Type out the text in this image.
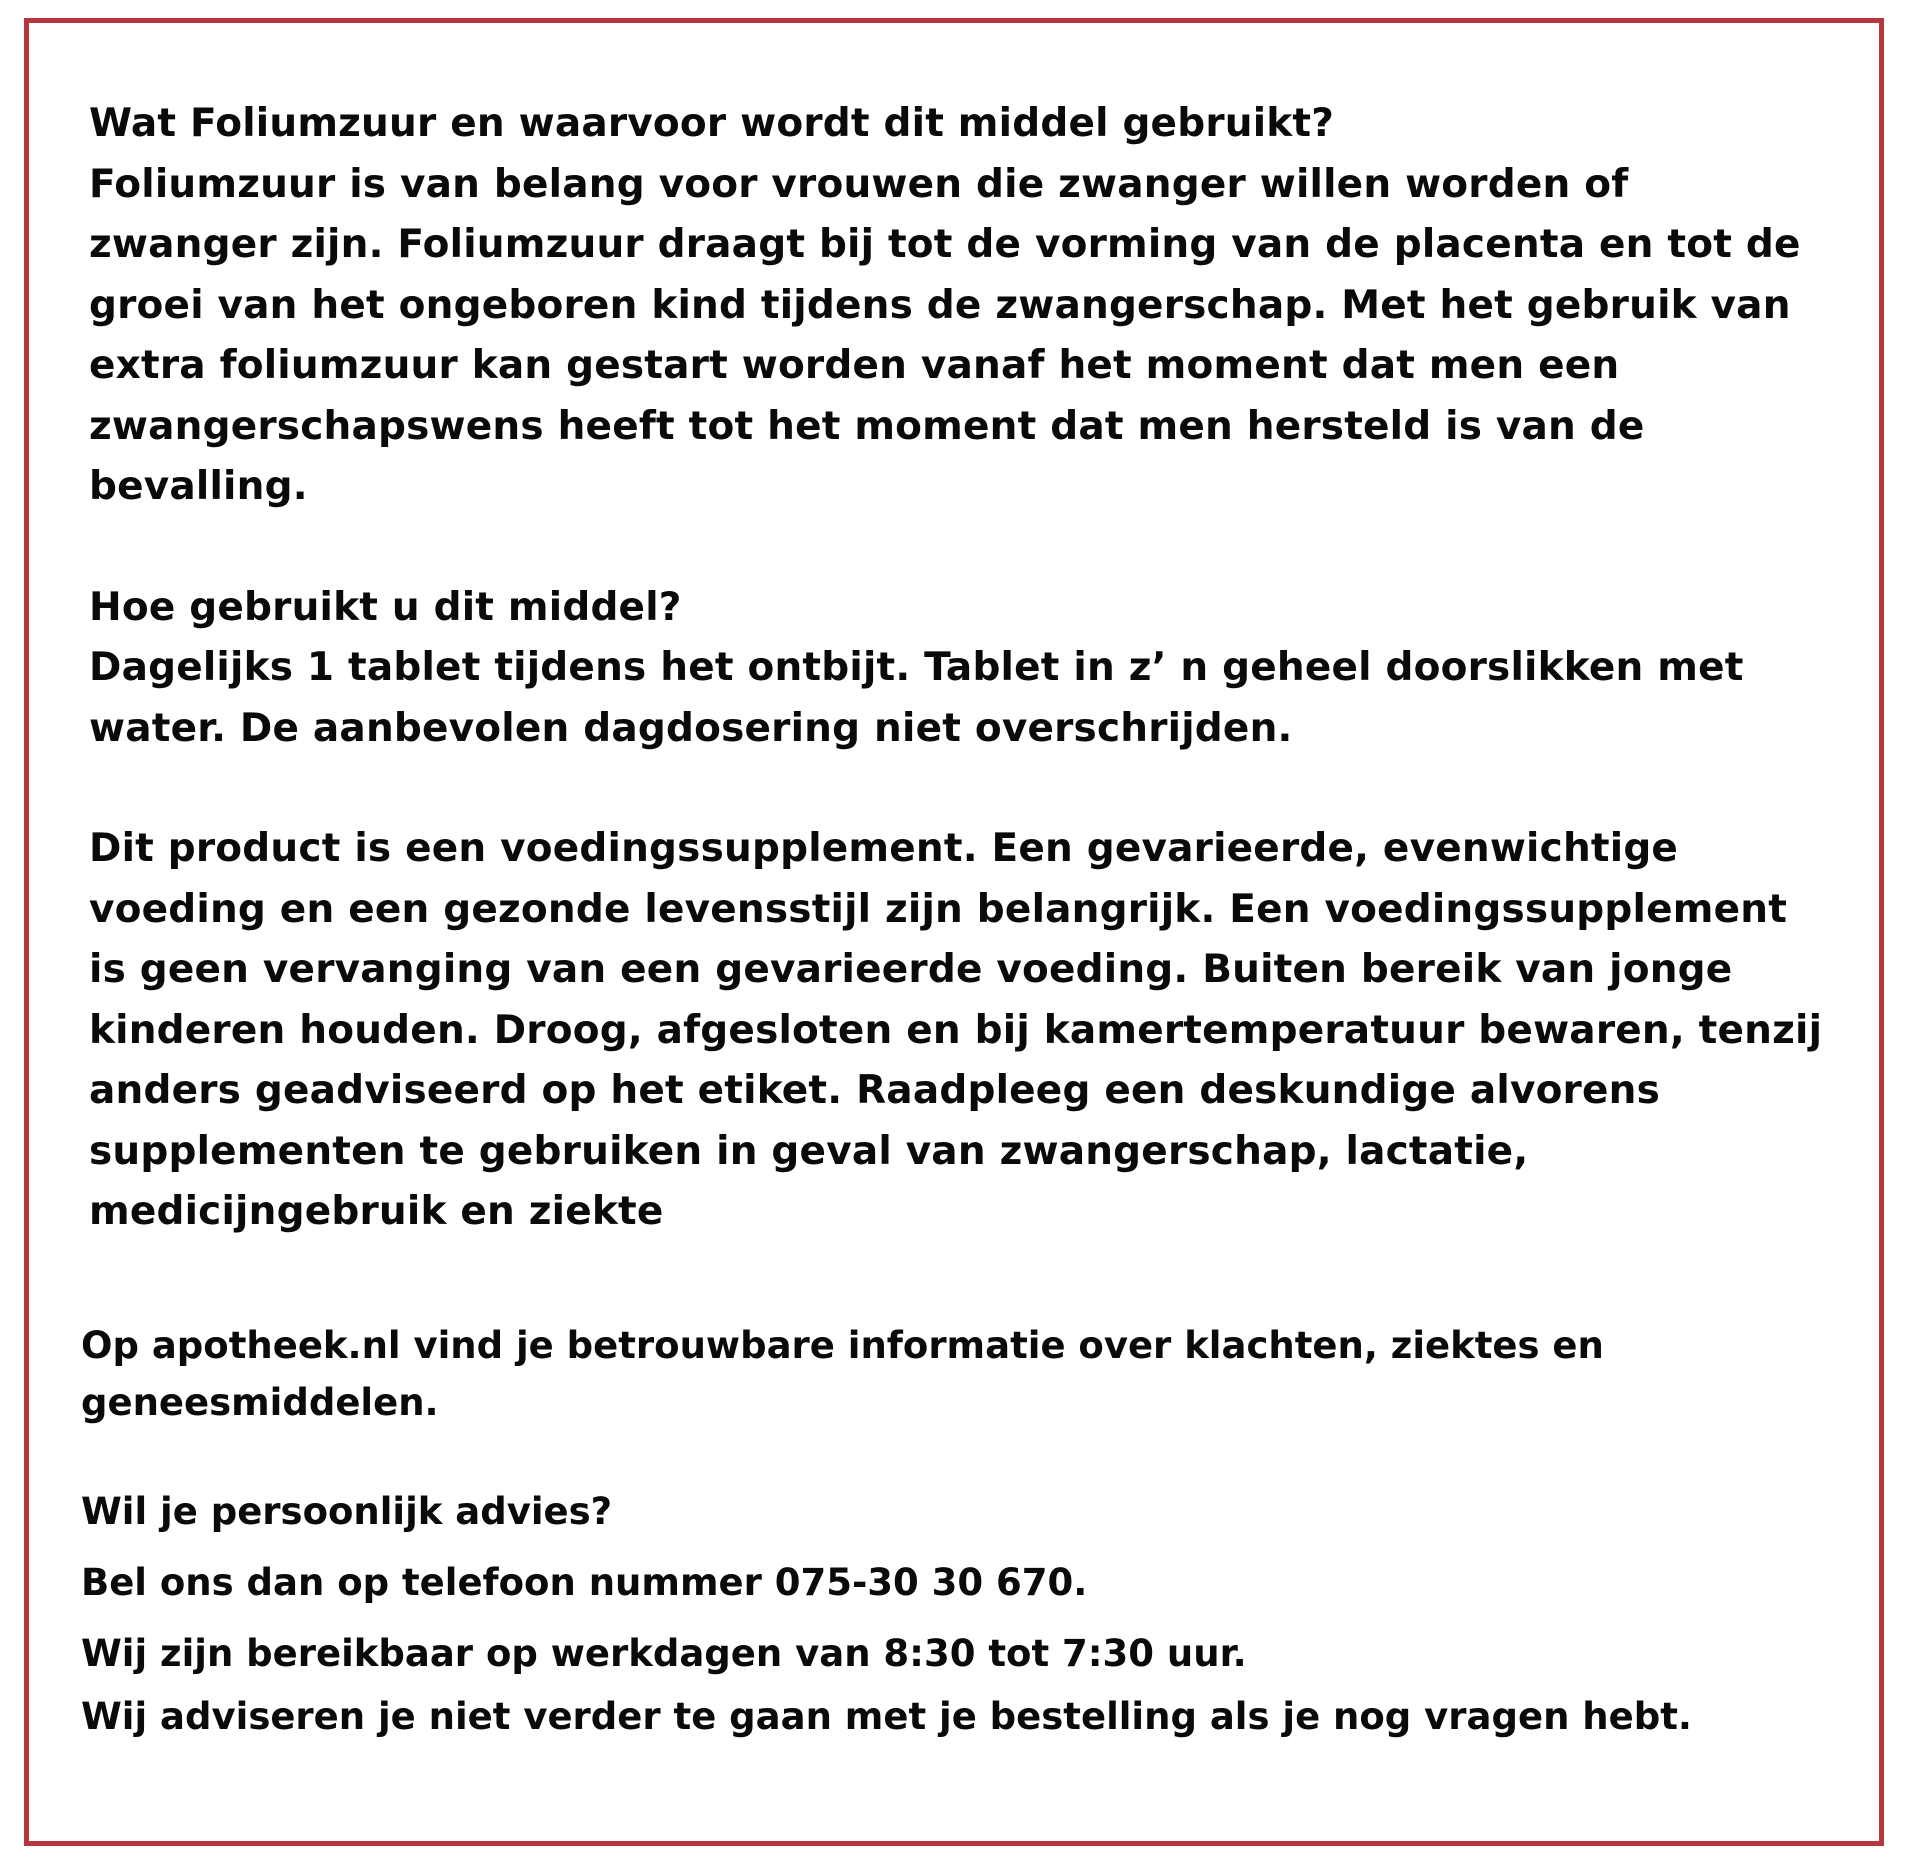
Wat Foliumzuur en waarvoor wordt dit middel gebruikt?

Foliumzuur is van belang voor vrouwen die zwanger willen worden of zwanger zijn. Foliumzuur draagt bij tot de vorming van de placenta en tot de groei van het ongeboren kind tijdens de zwangerschap. Met het gebruik van extra foliumzuur kan gestart worden vanaf het moment dat men een zwangerschapswens heeft tot het moment dat men hersteld is van de bevalling.

Hoe gebruikt u dit middel?

Dagelijks 1 tablet tijdens het ontbijt. Tablet in z’ n geheel doorslikken met water. De aanbevolen dagdosering niet overschrijden.

Dit product is een voedingssupplement. Een gevarieerde, evenwichtige voeding en een gezonde levensstijl zijn belangrijk. Een voedingssupplement is geen vervanging van een gevarieerde voeding. Buiten bereik van jonge kinderen houden. Droog, afgesloten en bij kamertemperatuur bewaren, tenzij anders geadviseerd op het etiket. Raadpleeg een deskundige alvorens supplementen te gebruiken in geval van zwangerschap, lactatie, medicijngebruik en ziekte

Op apotheek.nl vind je betrouwbare informatie over klachten, ziektes en geneesmiddelen.

Wil je persoonlijk advies?

Bel ons dan op telefoon nummer 075-30 30 670.

Wij zijn bereikbaar op werkdagen van 8:30 tot 7:30 uur.

Wij adviseren je niet verder te gaan met je bestelling als je nog vragen hebt.
